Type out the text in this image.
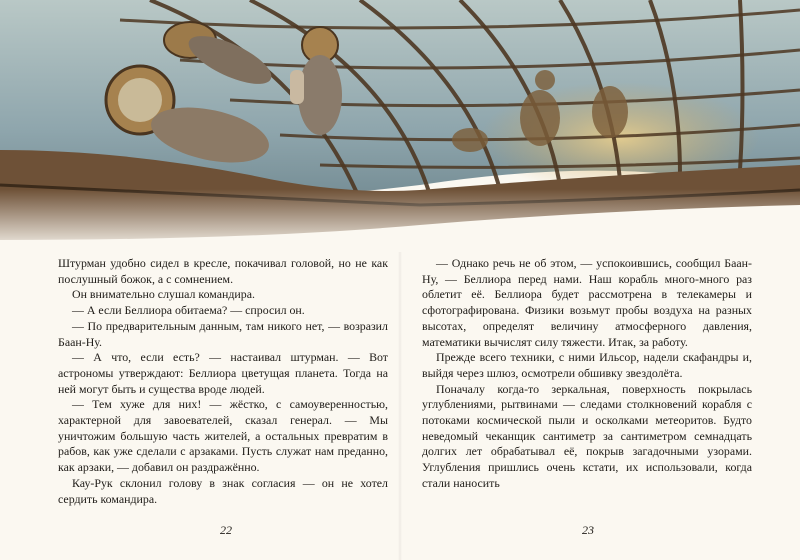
Штурман удобно сидел в кресле, покачивал головой, но не как послушный божок, а с сомнением.

Он внимательно слушал командира.

— А если Беллиора обитаема? — спросил он.

— По предварительным данным, там никого нет, — возразил Баан-Ну.

— А что, если есть? — настаивал штурман. — Вот астрономы утверждают: Беллиора цветущая планета. Тогда на ней могут быть и существа вроде людей.

— Тем хуже для них! — жёстко, с самоуверенностью, характерной для завоевателей, сказал генерал. — Мы уничтожим большую часть жителей, а остальных превратим в рабов, как уже сделали с арзаками. Пусть служат нам преданно, как арзаки, — добавил он раздражённо.

Кау-Рук склонил голову в знак согласия — он не хотел сердить командира.

— Однако речь не об этом, — успокоившись, сообщил Баан-Ну, — Беллиора перед нами. Наш корабль много-много раз облетит её. Беллиора будет рассмотрена в телекамеры и сфотографирована. Физики возьмут пробы воздуха на разных высотах, определят величину атмосферного давления, математики вычислят силу тяжести. Итак, за работу.

Прежде всего техники, с ними Ильсор, надели скафандры и, выйдя через шлюз, осмотрели обшивку звездолёта.

Поначалу когда-то зеркальная, поверхность покрылась углублениями, рытвинами — следами столкновений корабля с потоками космической пыли и осколками метеоритов. Будто неведомый чеканщик сантиметр за сантиметром семнадцать долгих лет обрабатывал её, покрыв загадочными узорами. Углубления пришлись очень кстати, их использовали, когда стали наносить

22	23
